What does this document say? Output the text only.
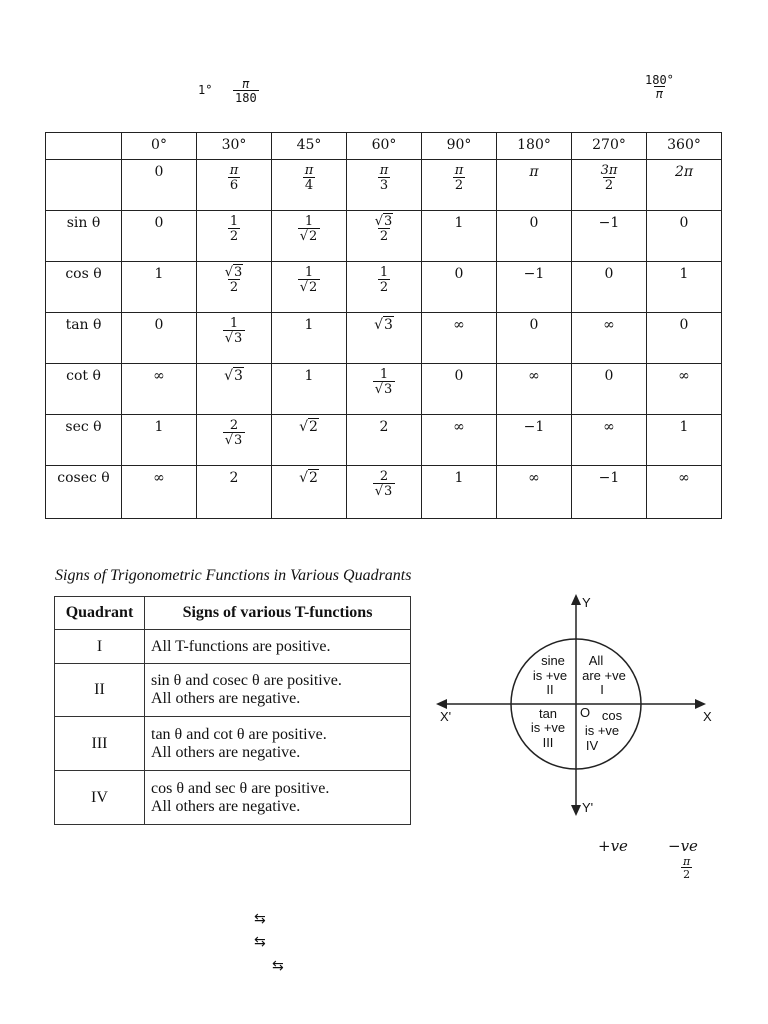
$1^\circ \frac{\pi}{180}$	$\frac{180^\circ}{\pi}$
	0°	30°	45°	60°	90°	180°	270°	360°
	0	$\frac{\pi}{6}$	$\frac{\pi}{4}$	$\frac{\pi}{3}$	$\frac{\pi}{2}$	π	$\frac{3\pi}{2}$	2π
sin θ	0	$\frac{1}{2}$	$\frac{1}{√2}$	$\frac{√3}{2}$	1	0	−1	0
cos θ	1	$\frac{√3}{2}$	$\frac{1}{√2}$	$\frac{1}{2}$	0	−1	0	1
tan θ	0	$\frac{1}{√3}$	1	√3	∞	0	∞	0
cot θ	∞	√3	1	$\frac{1}{√3}$	0	∞	0	∞
sec θ	1	$\frac{2}{√3}$	√2	2	∞	−1	∞	1
cosec θ	∞	2	√2	$\frac{2}{√3}$	1	∞	−1	∞
Signs of Trigonometric Functions in Various Quadrants
Quadrant	Signs of various T-functions
I	All T-functions are positive.

II	sin θ and cosec θ are positive.
All others are negative.

III	tan θ and cot θ are positive.
All others are negative.

IV	cos θ and sec θ are positive.
All others are negative.
Y
Y'
X
X'	O
sine
is +ve
II
All
are +ve
I
tan
is +ve
III
cos
is +ve
IV
+ve	−ve
$\frac{\pi}{2}$
⇆
⇆
⇆
